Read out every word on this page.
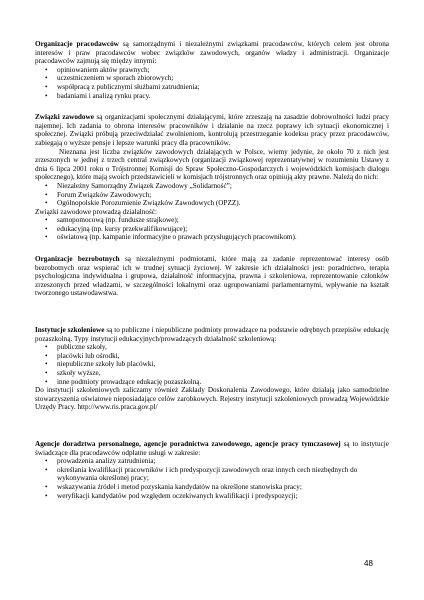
Organizacje pracodawców są samorządnymi i niezależnymi związkami pracodawców, których celem jest obrona interesów i praw pracodawców wobec związków zawodowych, organów władzy i administracji. Organizacje pracodawców zajmują się między innymi:

• opiniowaniem aktów prawnych;
• uczestniczeniem w sporach zbiorowych;
• współpracą z publicznymi służbami zatrudnienia;
• badaniami i analizą rynku pracy.

Związki zawodowe są organizacjami społecznymi działającymi, które zrzeszają na zasadzie dobrowolności ludzi pracy najemnej. Ich zadania to obrona interesów pracowników i działanie na rzecz poprawy ich sytuacji ekonomicznej i społecznej. Związki próbują przeciwdziałać zwolnieniom, kontrolują przestrzeganie kodeksu pracy przez pracodawców, zabiegają o wyższe pensje i lepsze warunki pracy dla pracowników.

Nieznana jest liczba związków zawodowych działających w Polsce, wiemy jedynie, że około 70 z nich jest zrzeszonych w jednej z trzech central związkowych (organizacji związkowej reprezentatywnej w rozumieniu Ustawy z dnia 6 lipca 2001 roku o Trójstronnej Komisji do Spraw Społeczno-Gospodarczych i wojewódzkich komisjach dialogu społecznego), które mają swoich przedstawicieli w komisjach trójstronnych oraz opiniują akty prawne. Należą do nich:

• Niezależny Samorządny Związek Zawodowy „Solidarność”;
• Forum Związków Zawodowych;
• Ogólnopolskie Porozumienie Związków Zawodowych (OPZZ).

Związki zawodowe prowadzą działalność:

• samopomocową (np. fundusze strajkowe);
• edukacyjną (np. kursy przekwalifikowujące);
• oświatową (np. kampanie informacyjne o prawach przysługujących pracownikom).

Organizacje bezrobotnych są niezależnymi podmiotami, które mają za zadanie reprezentować interesy osób bezrobotnych oraz wspierać ich w trudnej sytuacji życiowej. W zakresie ich działalności jest: poradnictwo, terapia psychologiczna indywidualna i grupowa, działalność informacyjna, prawna i szkoleniowa, reprezentowanie członków zrzeszonych przed władzami, w szczególności lokalnymi oraz ugrupowaniami parlamentarnymi, wpływanie na kształt tworzonego ustawodawstwa.

Instytucje szkoleniowe są to publiczne i niepubliczne podmioty prowadzące na podstawie odrębnych przepisów edukację pozaszkolną. Typy instytucji edukacyjnych/prowadzących działalność szkoleniową:

• publiczne szkoły,
• placówki lub ośrodki,
• niepubliczne szkoły lub placówki,
• szkoły wyższe,
• inne podmioty prowadzące edukację pozaszkolną.

Do instytucji szkoleniowych zaliczamy również Zakłady Doskonalenia Zawodowego, które działają jako samodzielne stowarzyszenia oświatowe nieposiadające celów zarobkowych. Rejestry instytucji szkoleniowych prowadzą Wojewódzkie Urzędy Pracy. http://www.ris.praca.gov.pl/

Agencje doradztwa personalnego, agencje poradnictwa zawodowego, agencje pracy tymczasowej są to instytucje świadczące dla pracodawców odpłatne usługi w zakresie:

• prowadzenia analizy zatrudnienia;
• określania kwalifikacji pracowników i ich predyspozycji zawodowych oraz innych cech niezbędnych do wykonywania określonej pracy;
• wskazywania źródeł i metod pozyskania kandydatów na określone stanowiska pracy;
• weryfikacji kandydatów pod względem oczekiwanych kwalifikacji i predyspozycji;
48
